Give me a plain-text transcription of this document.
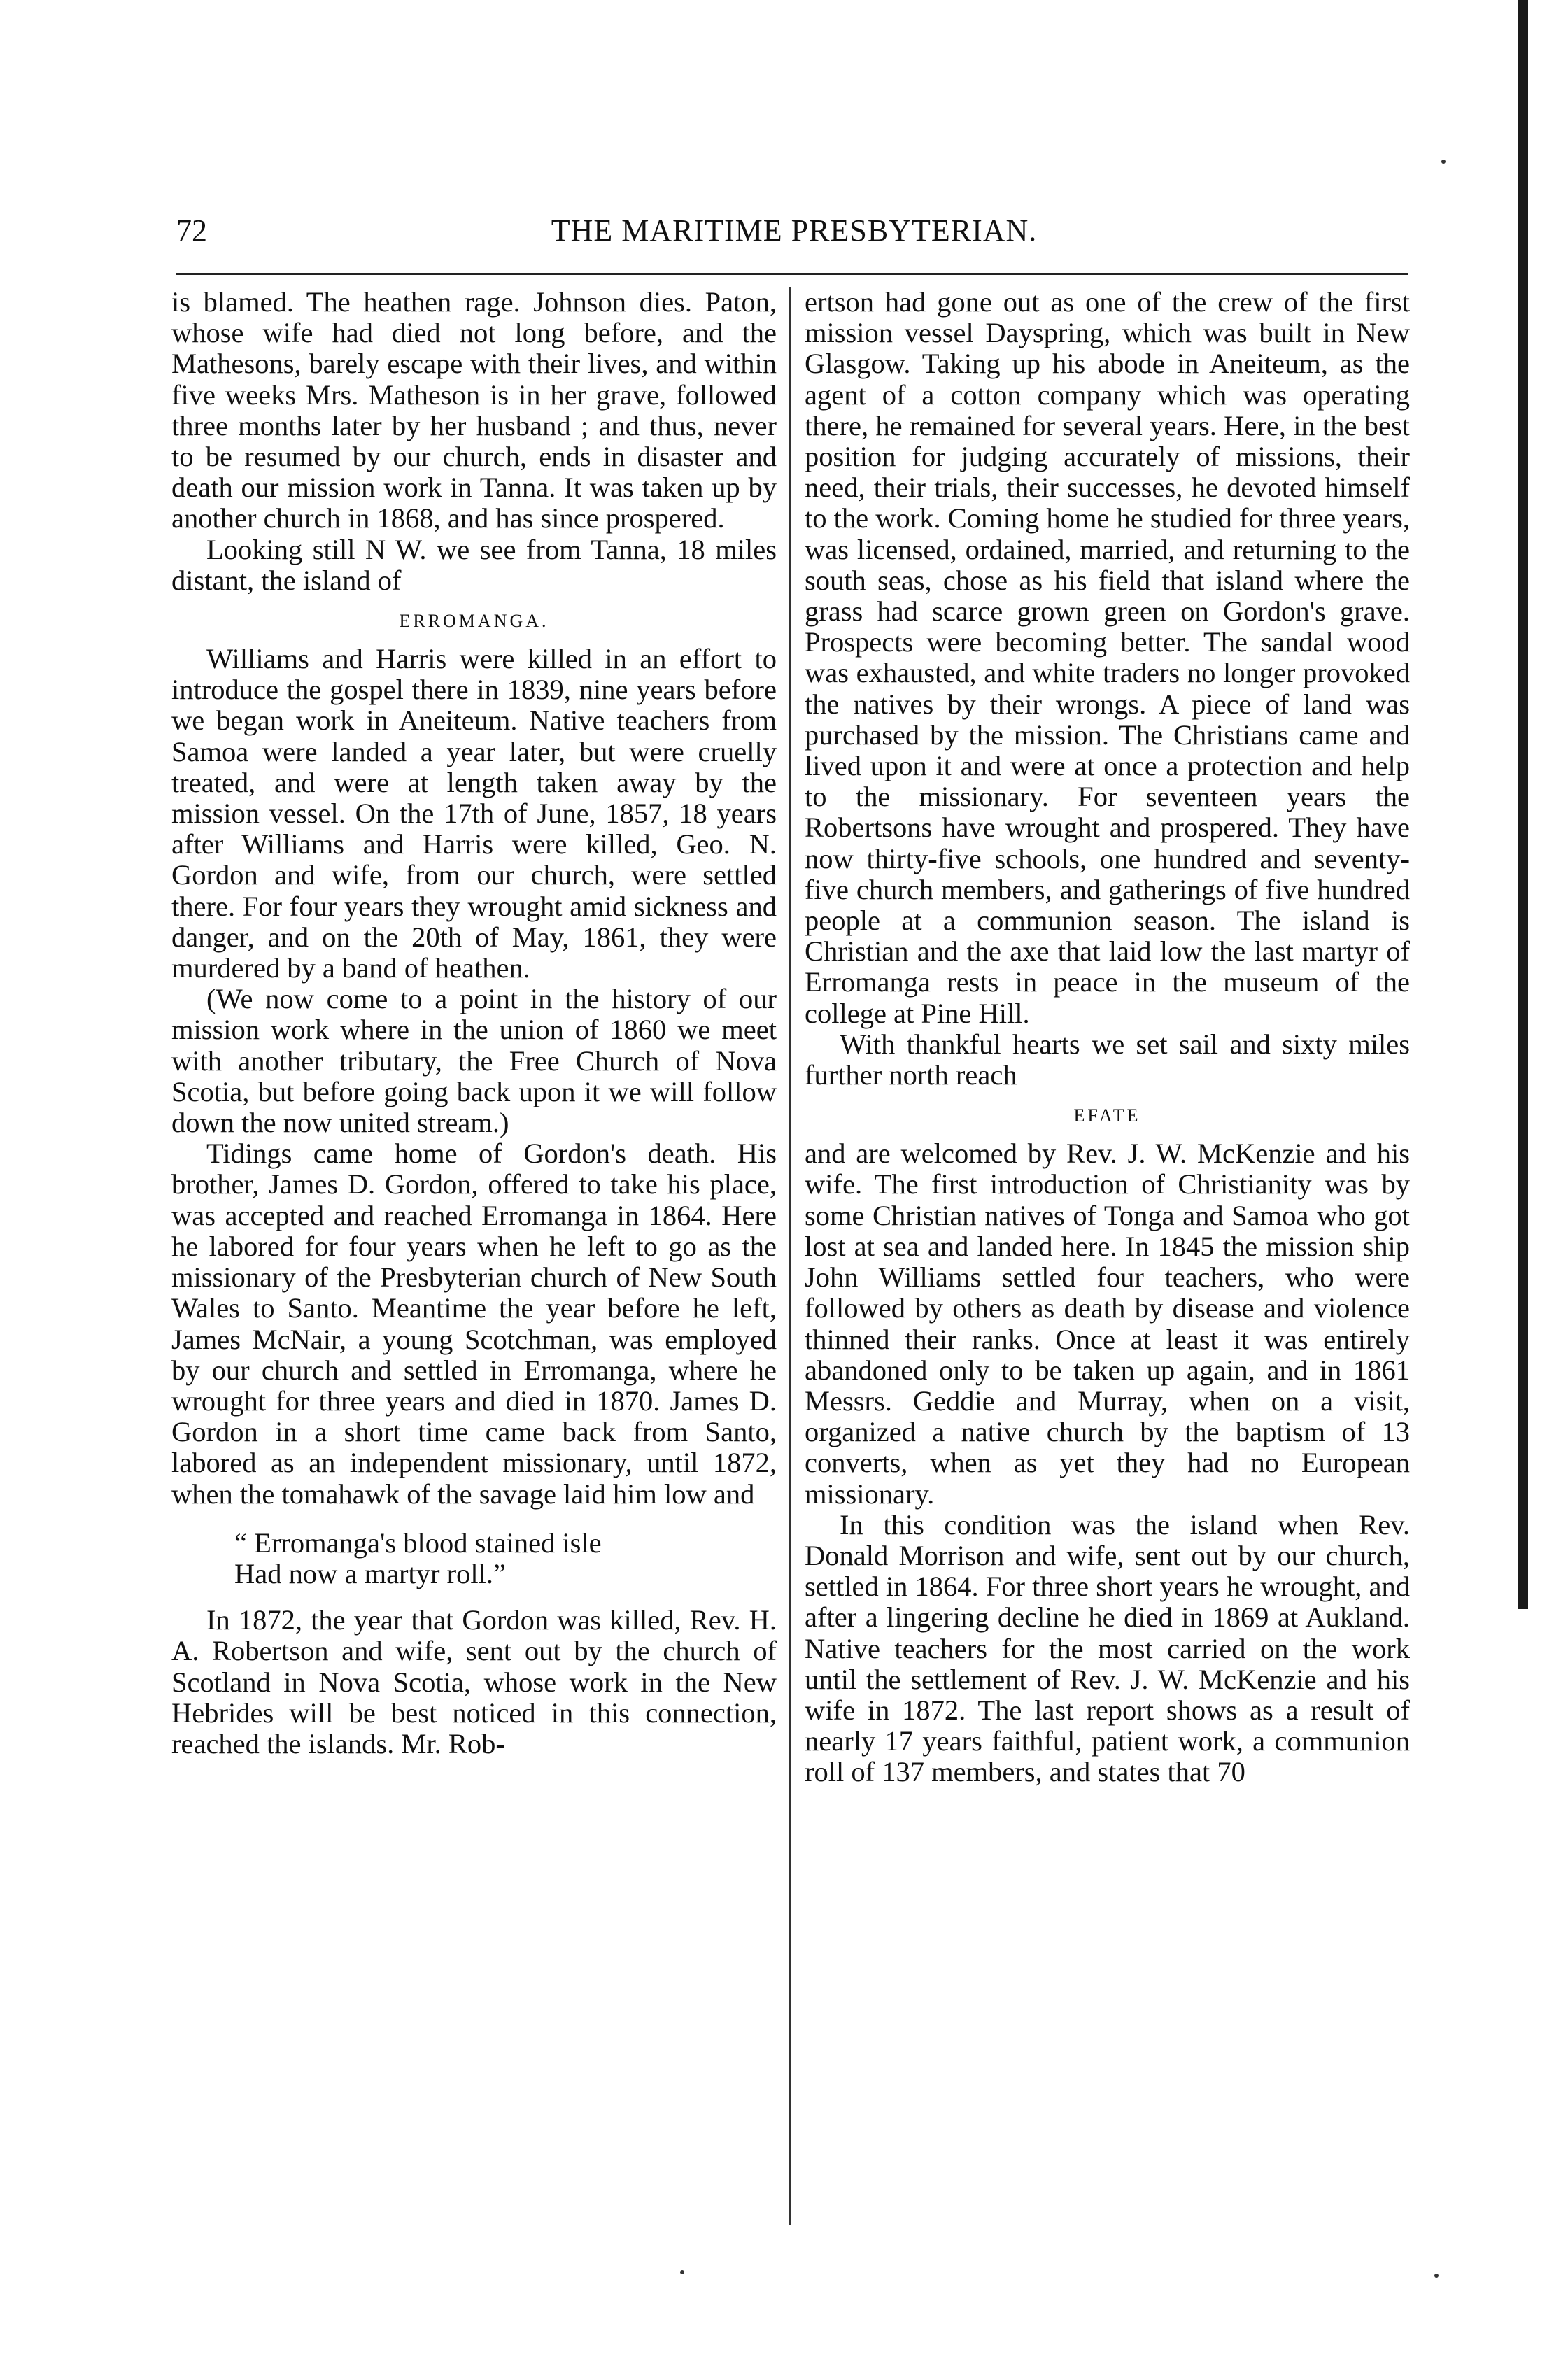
72	THE MARITIME PRESBYTERIAN.

is blamed. The heathen rage. Johnson dies. Paton, whose wife had died not long before, and the Mathesons, barely escape with their lives, and within five weeks Mrs. Matheson is in her grave, followed three months later by her husband ; and thus, never to be resumed by our church, ends in disaster and death our mission work in Tanna. It was taken up by another church in 1868, and has since prospered.

Looking still N W. we see from Tanna, 18 miles distant, the island of

ERROMANGA.

Williams and Harris were killed in an effort to introduce the gospel there in 1839, nine years before we began work in Aneiteum. Native teachers from Samoa were landed a year later, but were cruelly treated, and were at length taken away by the mission vessel. On the 17th of June, 1857, 18 years after Williams and Harris were killed, Geo. N. Gordon and wife, from our church, were settled there. For four years they wrought amid sickness and danger, and on the 20th of May, 1861, they were murdered by a band of heathen.

(We now come to a point in the history of our mission work where in the union of 1860 we meet with another tributary, the Free Church of Nova Scotia, but before going back upon it we will follow down the now united stream.)

Tidings came home of Gordon's death. His brother, James D. Gordon, offered to take his place, was accepted and reached Erromanga in 1864. Here he labored for four years when he left to go as the missionary of the Presbyterian church of New South Wales to Santo. Meantime the year before he left, James McNair, a young Scotchman, was employed by our church and settled in Erromanga, where he wrought for three years and died in 1870. James D. Gordon in a short time came back from Santo, labored as an independent missionary, until 1872, when the tomahawk of the savage laid him low and

“ Erromanga's blood stained isle
Had now a martyr roll.”

In 1872, the year that Gordon was killed, Rev. H. A. Robertson and wife, sent out by the church of Scotland in Nova Scotia, whose work in the New Hebrides will be best noticed in this connection, reached the islands. Mr. Rob-

ertson had gone out as one of the crew of the first mission vessel Dayspring, which was built in New Glasgow. Taking up his abode in Aneiteum, as the agent of a cotton company which was operating there, he remained for several years. Here, in the best position for judging accurately of missions, their need, their trials, their successes, he devoted himself to the work. Coming home he studied for three years, was licensed, ordained, married, and returning to the south seas, chose as his field that island where the grass had scarce grown green on Gordon's grave. Prospects were becoming better. The sandal wood was exhausted, and white traders no longer provoked the natives by their wrongs. A piece of land was purchased by the mission. The Christians came and lived upon it and were at once a protection and help to the missionary. For seventeen years the Robertsons have wrought and prospered. They have now thirty-five schools, one hundred and seventy-five church members, and gatherings of five hundred people at a communion season. The island is Christian and the axe that laid low the last martyr of Erromanga rests in peace in the museum of the college at Pine Hill.

With thankful hearts we set sail and sixty miles further north reach

EFATE

and are welcomed by Rev. J. W. McKenzie and his wife. The first introduction of Christianity was by some Christian natives of Tonga and Samoa who got lost at sea and landed here. In 1845 the mission ship John Williams settled four teachers, who were followed by others as death by disease and violence thinned their ranks. Once at least it was entirely abandoned only to be taken up again, and in 1861 Messrs. Geddie and Murray, when on a visit, organized a native church by the baptism of 13 converts, when as yet they had no European missionary.

In this condition was the island when Rev. Donald Morrison and wife, sent out by our church, settled in 1864. For three short years he wrought, and after a lingering decline he died in 1869 at Aukland. Native teachers for the most carried on the work until the settlement of Rev. J. W. McKenzie and his wife in 1872. The last report shows as a result of nearly 17 years faithful, patient work, a communion roll of 137 members, and states that 70
